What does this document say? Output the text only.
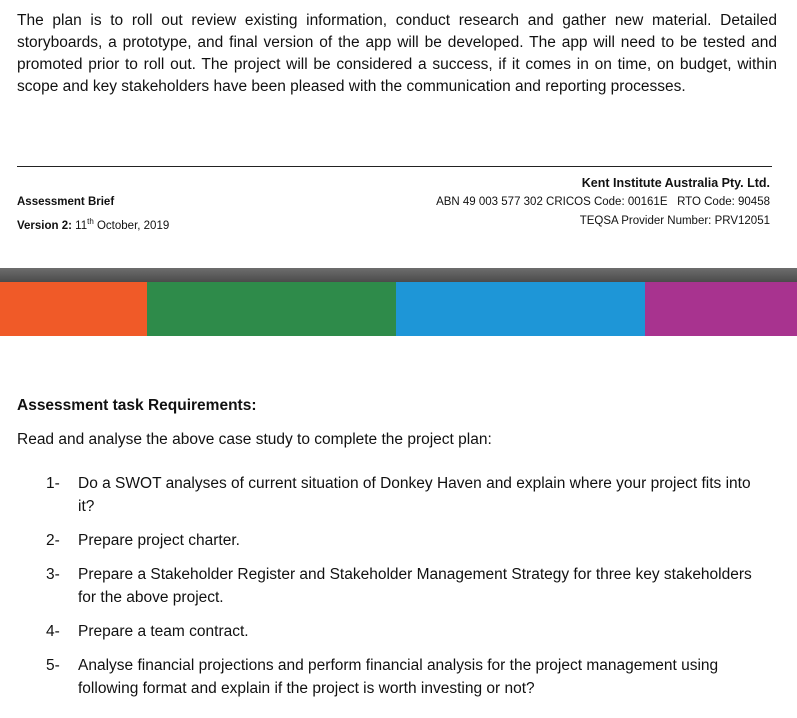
The plan is to roll out review existing information, conduct research and gather new material. Detailed storyboards, a prototype, and final version of the app will be developed. The app will need to be tested and promoted prior to roll out. The project will be considered a success, if it comes in on time, on budget, within scope and key stakeholders have been pleased with the communication and reporting processes.

Assessment Brief
Version 2: 11th October, 2019
Kent Institute Australia Pty. Ltd.
ABN 49 003 577 302 CRICOS Code: 00161E   RTO Code: 90458
TEQSA Provider Number: PRV12051
Assessment task Requirements:

Read and analyse the above case study to complete the project plan:

1- Do a SWOT analyses of current situation of Donkey Haven and explain where your project fits into it?
2- Prepare project charter.
3- Prepare a Stakeholder Register and Stakeholder Management Strategy for three key stakeholders for the above project.
4- Prepare a team contract.
5- Analyse financial projections and perform financial analysis for the project management using following format and explain if the project is worth investing or not?
